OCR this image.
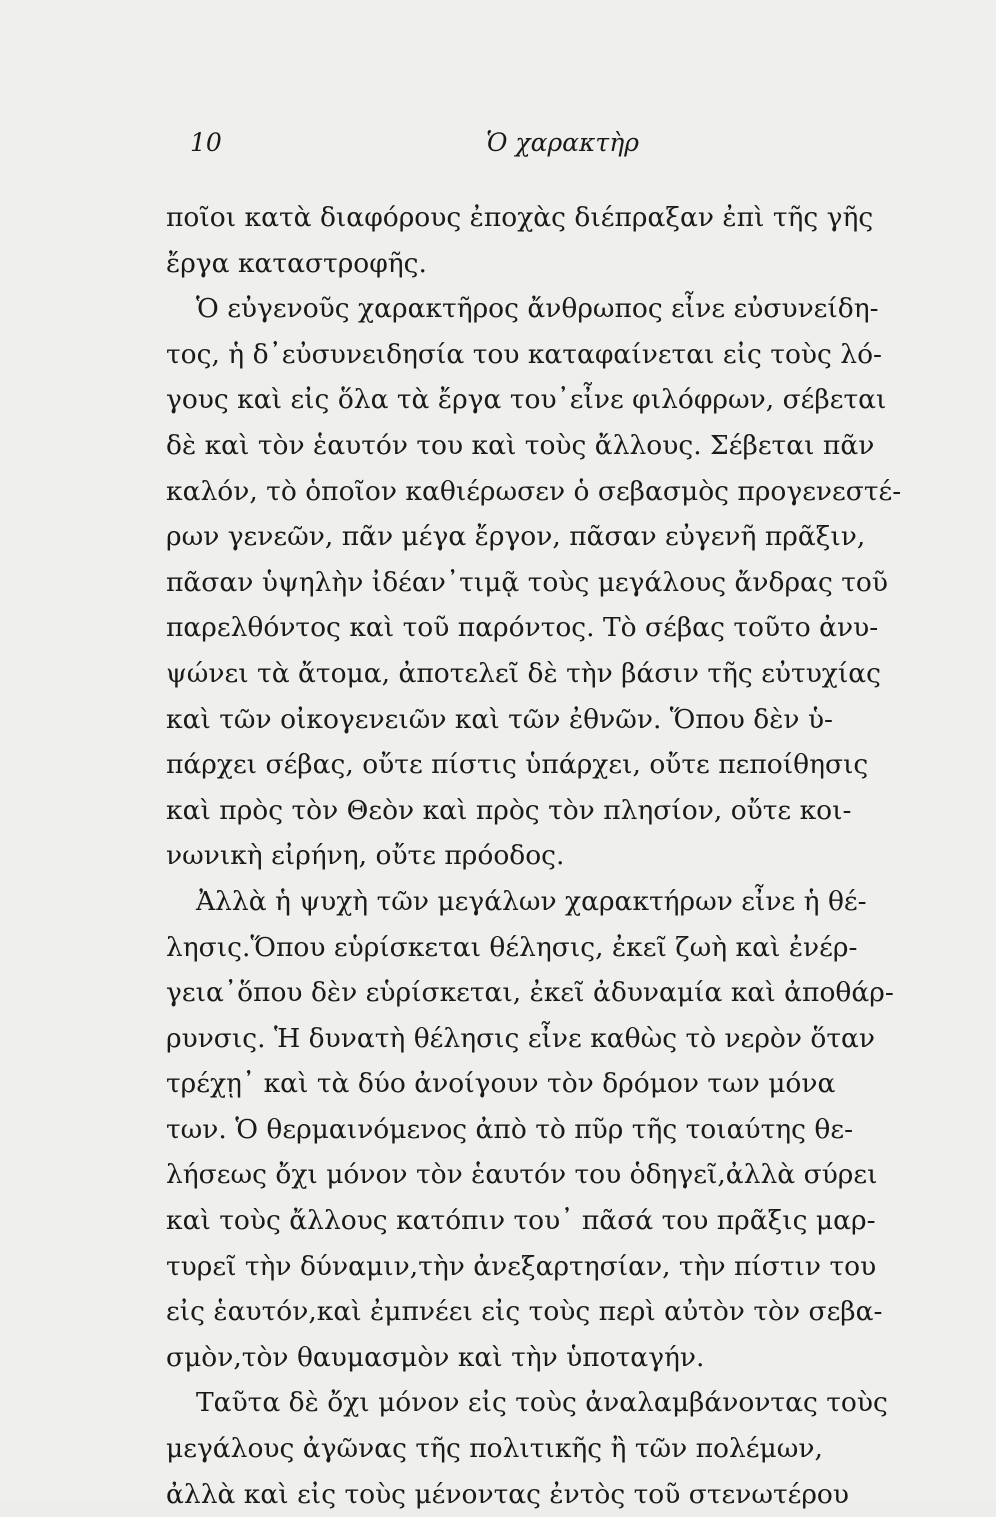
10	Ὁ χαρακτὴρ
ποῖοι κατὰ διαφόρους ἐποχὰς διέπραξαν ἐπὶ τῆς γῆς
ἔργα καταστροφῆς.
Ὁ εὐγενοῦς χαρακτῆρος ἄνθρωπος εἶνε εὐσυνείδη-
τος, ἡ δ᾽εὐσυνειδησία του καταφαίνεται εἰς τοὺς λό-
γους καὶ εἰς ὅλα τὰ ἔργα του᾽εἶνε φιλόφρων, σέβεται
δὲ καὶ τὸν ἑαυτόν του καὶ τοὺς ἄλλους. Σέβεται πᾶν
καλόν, τὸ ὁποῖον καθιέρωσεν ὁ σεβασμὸς προγενεστέ-
ρων γενεῶν, πᾶν μέγα ἔργον, πᾶσαν εὐγενῆ πρᾶξιν,
πᾶσαν ὑψηλὴν ἰδέαν᾽τιμᾷ τοὺς μεγάλους ἄνδρας τοῦ
παρελθόντος καὶ τοῦ παρόντος. Τὸ σέβας τοῦτο ἀνυ-
ψώνει τὰ ἄτομα, ἀποτελεῖ δὲ τὴν βάσιν τῆς εὐτυχίας
καὶ τῶν οἰκογενειῶν καὶ τῶν ἐθνῶν. Ὅπου δὲν ὑ-
πάρχει σέβας, οὔτε πίστις ὑπάρχει, οὔτε πεποίθησις
καὶ πρὸς τὸν Θεὸν καὶ πρὸς τὸν πλησίον, οὔτε κοι-
νωνικὴ εἰρήνη, οὔτε πρόοδος.
Ἀλλὰ ἡ ψυχὴ τῶν μεγάλων χαρακτήρων εἶνε ἡ θέ-
λησις.Ὅπου εὑρίσκεται θέλησις, ἐκεῖ ζωὴ καὶ ἐνέρ-
γεια᾽ὅπου δὲν εὑρίσκεται, ἐκεῖ ἀδυναμία καὶ ἀποθάρ-
ρυνσις. Ἡ δυνατὴ θέλησις εἶνε καθὼς τὸ νερὸν ὅταν
τρέχῃ᾽ καὶ τὰ δύο ἀνοίγουν τὸν δρόμον των μόνα
των. Ὁ θερμαινόμενος ἀπὸ τὸ πῦρ τῆς τοιαύτης θε-
λήσεως ὄχι μόνον τὸν ἑαυτόν του ὁδηγεῖ,ἀλλὰ σύρει
καὶ τοὺς ἄλλους κατόπιν του᾽ πᾶσά του πρᾶξις μαρ-
τυρεῖ τὴν δύναμιν,τὴν ἀνεξαρτησίαν, τὴν πίστιν του
εἰς ἑαυτόν,καὶ ἐμπνέει εἰς τοὺς περὶ αὐτὸν τὸν σεβα-
σμὸν,τὸν θαυμασμὸν καὶ τὴν ὑποταγήν.
Ταῦτα δὲ ὄχι μόνον εἰς τοὺς ἀναλαμβάνοντας τοὺς
μεγάλους ἀγῶνας τῆς πολιτικῆς ἢ τῶν πολέμων,
ἀλλὰ καὶ εἰς τοὺς μένοντας ἐντὸς τοῦ στενωτέρου
